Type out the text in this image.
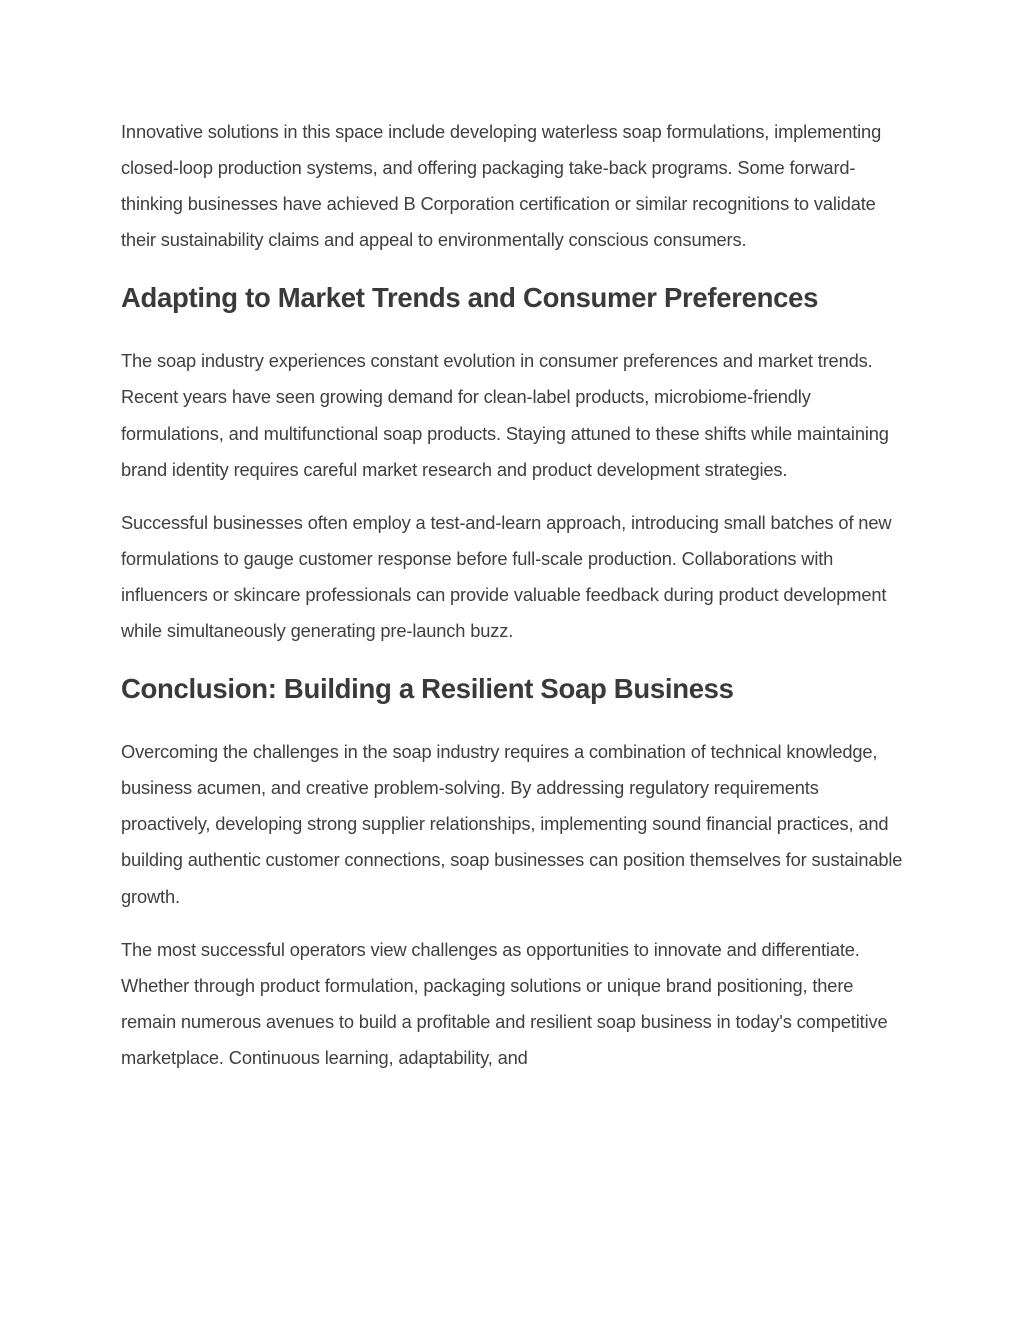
Innovative solutions in this space include developing waterless soap formulations, implementing closed-loop production systems, and offering packaging take-back programs. Some forward-thinking businesses have achieved B Corporation certification or similar recognitions to validate their sustainability claims and appeal to environmentally conscious consumers.

Adapting to Market Trends and Consumer Preferences

The soap industry experiences constant evolution in consumer preferences and market trends. Recent years have seen growing demand for clean-label products, microbiome-friendly formulations, and multifunctional soap products. Staying attuned to these shifts while maintaining brand identity requires careful market research and product development strategies.

Successful businesses often employ a test-and-learn approach, introducing small batches of new formulations to gauge customer response before full-scale production. Collaborations with influencers or skincare professionals can provide valuable feedback during product development while simultaneously generating pre-launch buzz.

Conclusion: Building a Resilient Soap Business

Overcoming the challenges in the soap industry requires a combination of technical knowledge, business acumen, and creative problem-solving. By addressing regulatory requirements proactively, developing strong supplier relationships, implementing sound financial practices, and building authentic customer connections, soap businesses can position themselves for sustainable growth.

The most successful operators view challenges as opportunities to innovate and differentiate. Whether through product formulation, packaging solutions or unique brand positioning, there remain numerous avenues to build a profitable and resilient soap business in today's competitive marketplace. Continuous learning, adaptability, and
